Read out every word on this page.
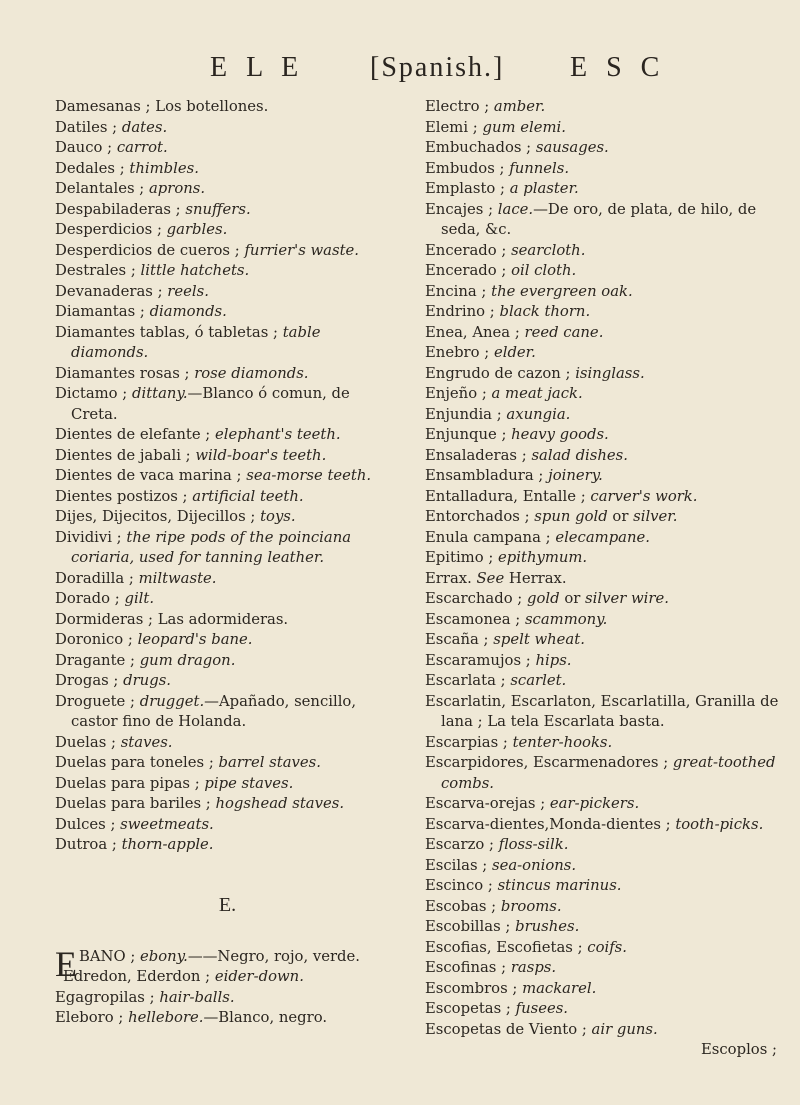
E L E [Spanish.] E S C

Damesanas ; Los botellones.

Datiles ; dates.

Dauco ; carrot.

Dedales ; thimbles.

Delantales ; aprons.

Despabiladeras ; snuffers.

Desperdicios ; garbles.

Desperdicios de cueros ; furrier's waste.

Destrales ; little hatchets.

Devanaderas ; reels.

Diamantas ; diamonds.

Diamantes tablas, ó tabletas ; table diamonds.

Diamantes rosas ; rose diamonds.

Dictamo ; dittany.—Blanco ó comun, de Creta.

Dientes de elefante ; elephant's teeth.

Dientes de jabali ; wild-boar's teeth.

Dientes de vaca marina ; sea-morse teeth.

Dientes postizos ; artificial teeth.

Dijes, Dijecitos, Dijecillos ; toys.

Dividivi ; the ripe pods of the poinciana coriaria, used for tanning leather.

Doradilla ; miltwaste.

Dorado ; gilt.

Dormideras ; Las adormideras.

Doronico ; leopard's bane.

Dragante ; gum dragon.

Drogas ; drugs.

Droguete ; drugget.—Apañado, sencillo, castor fino de Holanda.

Duelas ; staves.

Duelas para toneles ; barrel staves.

Duelas para pipas ; pipe staves.

Duelas para bariles ; hogshead staves.

Dulces ; sweetmeats.

Dutroa ; thorn-apple.

E.

EBANO ; ebony.——Negro, rojo, verde.

Edredon, Ederdon ; eider-down.

Egagropilas ; hair-balls.

Eleboro ; hellebore.—Blanco, negro.

Electro ; amber.

Elemi ; gum elemi.

Embuchados ; sausages.

Embudos ; funnels.

Emplasto ; a plaster.

Encajes ; lace.—De oro, de plata, de hilo, de seda, &c.

Encerado ; searcloth.

Encerado ; oil cloth.

Encina ; the evergreen oak.

Endrino ; black thorn.

Enea, Anea ; reed cane.

Enebro ; elder.

Engrudo de cazon ; isinglass.

Enjeño ; a meat jack.

Enjundia ; axungia.

Enjunque ; heavy goods.

Ensaladeras ; salad dishes.

Ensambladura ; joinery.

Entalladura, Entalle ; carver's work.

Entorchados ; spun gold or silver.

Enula campana ; elecampane.

Epitimo ; epithymum.

Errax. See Herrax.

Escarchado ; gold or silver wire.

Escamonea ; scammony.

Escaña ; spelt wheat.

Escaramujos ; hips.

Escarlata ; scarlet.

Escarlatin, Escarlaton, Escarlatilla, Granilla de lana ; La tela Escarlata basta.

Escarpias ; tenter-hooks.

Escarpidores, Escarmenadores ; great-toothed combs.

Escarva-orejas ; ear-pickers.

Escarva-dientes,Monda-dientes ; tooth-picks.

Escarzo ; floss-silk.

Escilas ; sea-onions.

Escinco ; stincus marinus.

Escobas ; brooms.

Escobillas ; brushes.

Escofias, Escofietas ; coifs.

Escofinas ; rasps.

Escombros ; mackarel.

Escopetas ; fusees.

Escopetas de Viento ; air guns.

Escoplos ;
